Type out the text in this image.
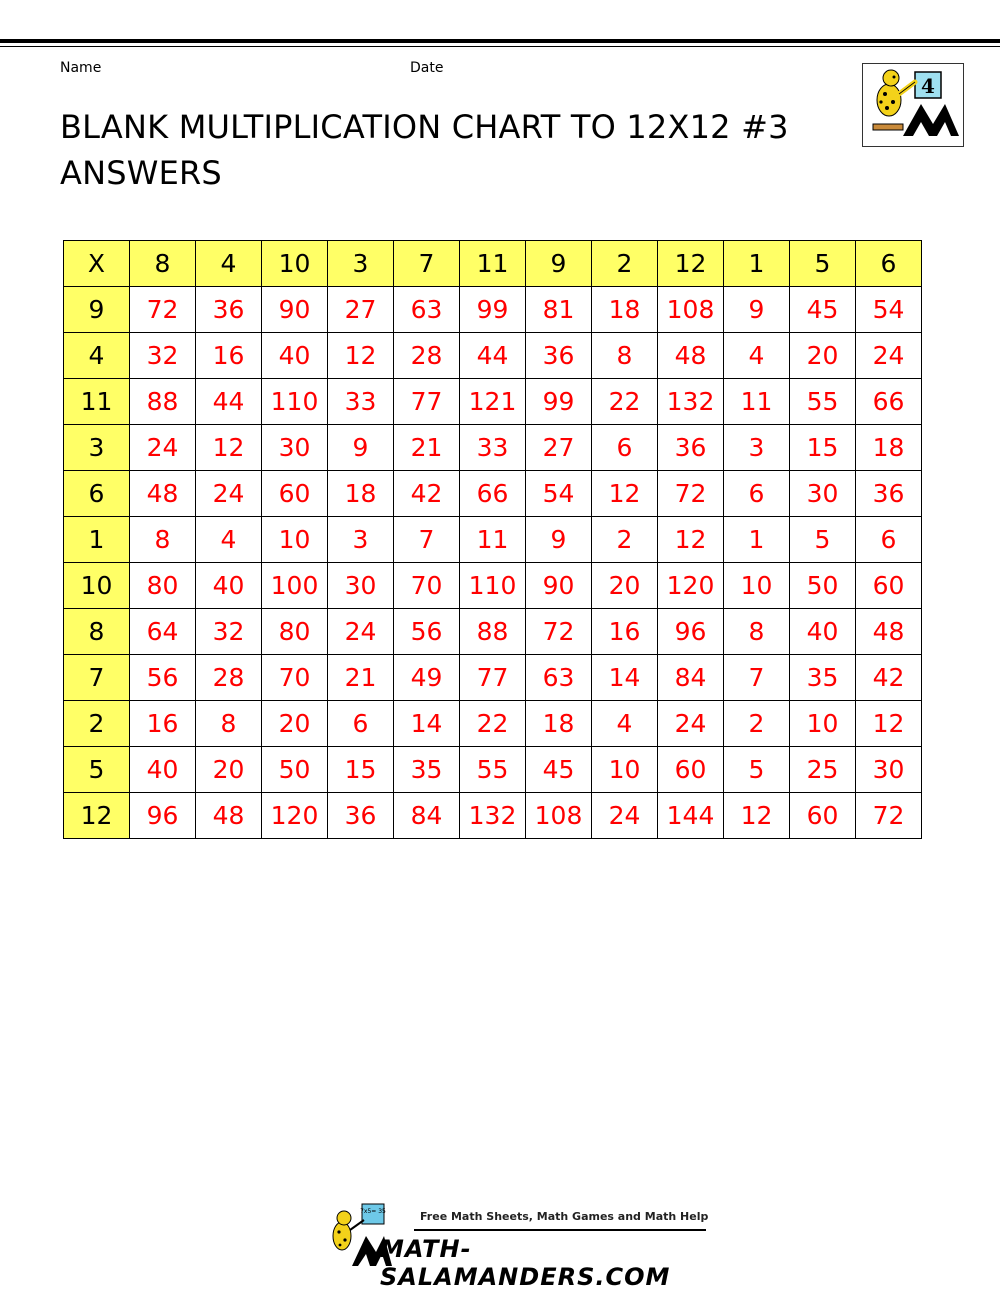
Name	Date
BLANK MULTIPLICATION CHART TO 12X12 #3 ANSWERS
4
X	8	4	10	3	7	11	9	2	12	1	5	6
9	72	36	90	27	63	99	81	18	108	9	45	54
4	32	16	40	12	28	44	36	8	48	4	20	24
11	88	44	110	33	77	121	99	22	132	11	55	66
3	24	12	30	9	21	33	27	6	36	3	15	18
6	48	24	60	18	42	66	54	12	72	6	30	36
1	8	4	10	3	7	11	9	2	12	1	5	6
10	80	40	100	30	70	110	90	20	120	10	50	60
8	64	32	80	24	56	88	72	16	96	8	40	48
7	56	28	70	21	49	77	63	14	84	7	35	42
2	16	8	20	6	14	22	18	4	24	2	10	12
5	40	20	50	15	35	55	45	10	60	5	25	30
12	96	48	120	36	84	132	108	24	144	12	60	72
7x5= 35	Free Math Sheets, Math Games and Math Help
MATH-SALAMANDERS.COM
